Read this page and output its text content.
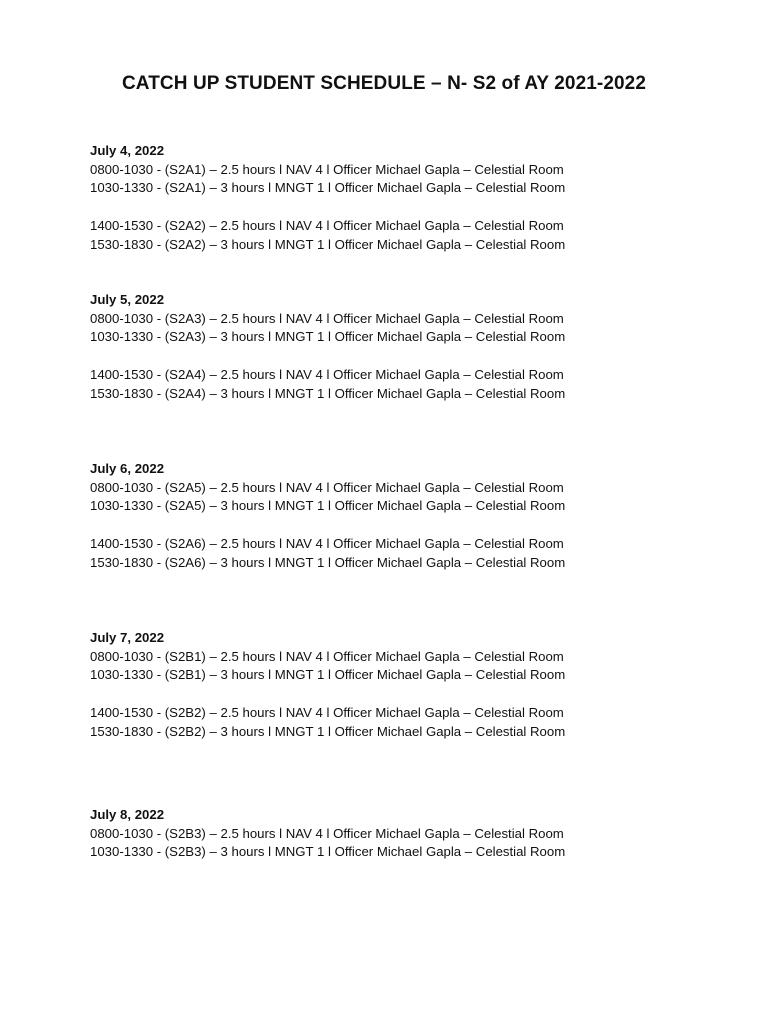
CATCH UP STUDENT SCHEDULE – N- S2 of AY 2021-2022
July 4, 2022
0800-1030 - (S2A1) – 2.5 hours l NAV 4 l Officer Michael Gapla – Celestial Room
1030-1330 - (S2A1) – 3 hours l MNGT 1 l Officer Michael Gapla – Celestial Room
1400-1530 - (S2A2) – 2.5 hours l NAV 4 l Officer Michael Gapla – Celestial Room
1530-1830 - (S2A2) – 3 hours l MNGT 1 l Officer Michael Gapla – Celestial Room
July 5, 2022
0800-1030 - (S2A3) – 2.5 hours l NAV 4 l Officer Michael Gapla – Celestial Room
1030-1330 - (S2A3) – 3 hours l MNGT 1 l Officer Michael Gapla – Celestial Room
1400-1530 - (S2A4) – 2.5 hours l NAV 4 l Officer Michael Gapla – Celestial Room
1530-1830 - (S2A4) – 3 hours l MNGT 1 l Officer Michael Gapla – Celestial Room
July 6, 2022
0800-1030 - (S2A5) – 2.5 hours l NAV 4 l Officer Michael Gapla – Celestial Room
1030-1330 - (S2A5) – 3 hours l MNGT 1 l Officer Michael Gapla – Celestial Room
1400-1530 - (S2A6) – 2.5 hours l NAV 4 l Officer Michael Gapla – Celestial Room
1530-1830 - (S2A6) – 3 hours l MNGT 1 l Officer Michael Gapla – Celestial Room
July 7, 2022
0800-1030 - (S2B1) – 2.5 hours l NAV 4 l Officer Michael Gapla – Celestial Room
1030-1330 - (S2B1) – 3 hours l MNGT 1 l Officer Michael Gapla – Celestial Room
1400-1530 - (S2B2) – 2.5 hours l NAV 4 l Officer Michael Gapla – Celestial Room
1530-1830 - (S2B2) – 3 hours l MNGT 1 l Officer Michael Gapla – Celestial Room
July 8, 2022
0800-1030 - (S2B3) – 2.5 hours l NAV 4 l Officer Michael Gapla – Celestial Room
1030-1330 - (S2B3) – 3 hours l MNGT 1 l Officer Michael Gapla – Celestial Room
